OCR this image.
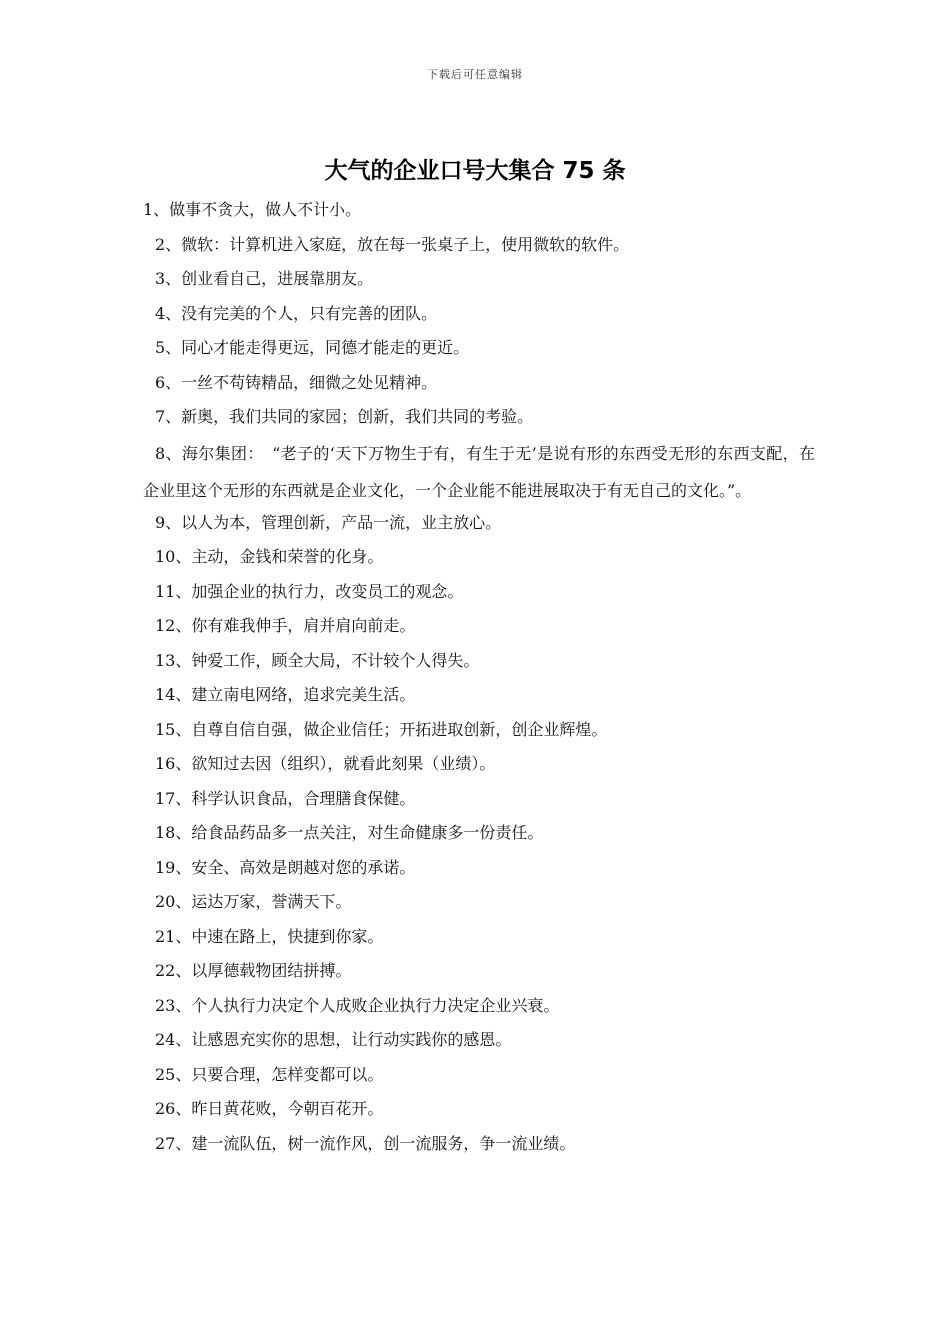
下载后可任意编辑
大气的企业口号大集合 75 条
1、做事不贪大，做人不计小。
2、微软：计算机进入家庭，放在每一张桌子上，使用微软的软件。
3、创业看自己，进展靠朋友。
4、没有完美的个人，只有完善的团队。
5、同心才能走得更远，同德才能走的更近。
6、一丝不苟铸精品，细微之处见精神。
7、新奥，我们共同的家园；创新，我们共同的考验。
8、海尔集团：　“老子的‘天下万物生于有，有生于无’是说有形的东西受无形的东西支配，在企业里这个无形的东西就是企业文化，一个企业能不能进展取决于有无自己的文化。”。
9、以人为本，管理创新，产品一流，业主放心。
10、主动，金钱和荣誉的化身。
11、加强企业的执行力，改变员工的观念。
12、你有难我伸手，肩并肩向前走。
13、钟爱工作，顾全大局，不计较个人得失。
14、建立南电网络，追求完美生活。
15、自尊自信自强，做企业信任；开拓进取创新，创企业辉煌。
16、欲知过去因（组织），就看此刻果（业绩）。
17、科学认识食品，合理膳食保健。
18、给食品药品多一点关注，对生命健康多一份责任。
19、安全、高效是朗越对您的承诺。
20、运达万家，誉满天下。
21、中速在路上，快捷到你家。
22、以厚德载物团结拼搏。
23、个人执行力决定个人成败企业执行力决定企业兴衰。
24、让感恩充实你的思想，让行动实践你的感恩。
25、只要合理，怎样变都可以。
26、昨日黄花败，今朝百花开。
27、建一流队伍，树一流作风，创一流服务，争一流业绩。
